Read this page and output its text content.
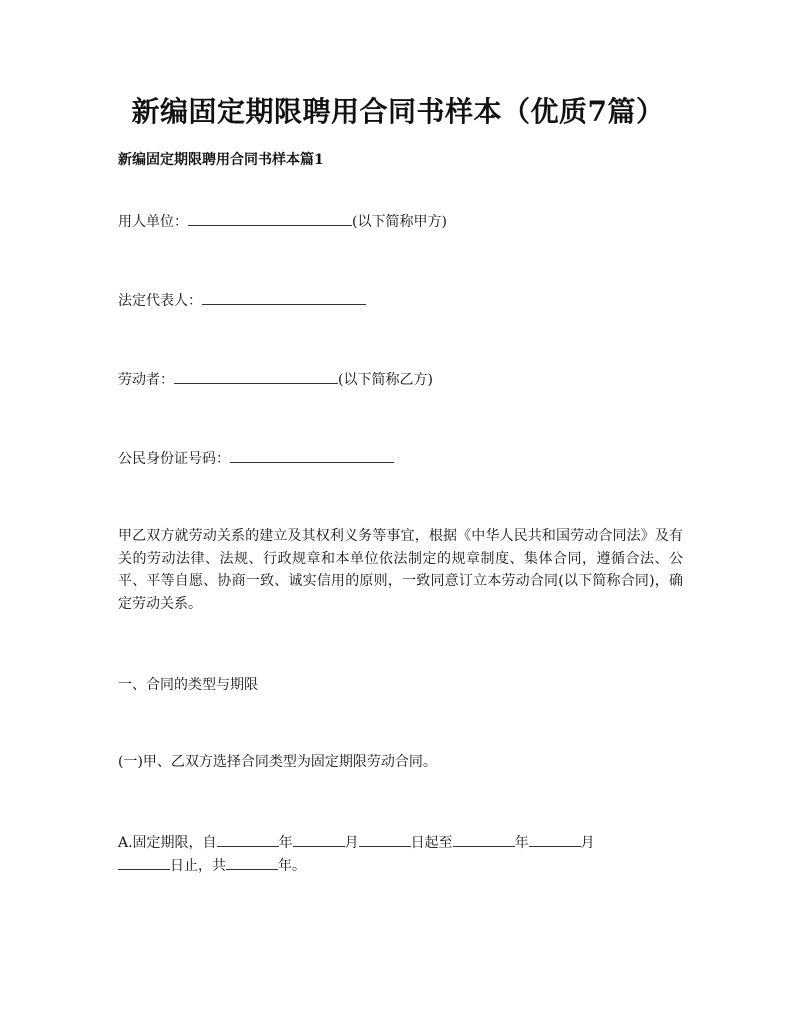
新编固定期限聘用合同书样本（优质7篇）
新编固定期限聘用合同书样本篇1
用人单位：	(以下简称甲方)
法定代表人：
劳动者：	(以下简称乙方)
公民身份证号码：
甲乙双方就劳动关系的建立及其权利义务等事宜，根据《中华人民共和国劳动合同法》及有关的劳动法律、法规、行政规章和本单位依法制定的规章制度、集体合同，遵循合法、公平、平等自愿、协商一致、诚实信用的原则，一致同意订立本劳动合同(以下简称合同)，确定劳动关系。
一、合同的类型与期限
(一)甲、乙双方选择合同类型为固定期限劳动合同。
A.固定期限，自	年	月	日起至	年	月
日止，共	年。
